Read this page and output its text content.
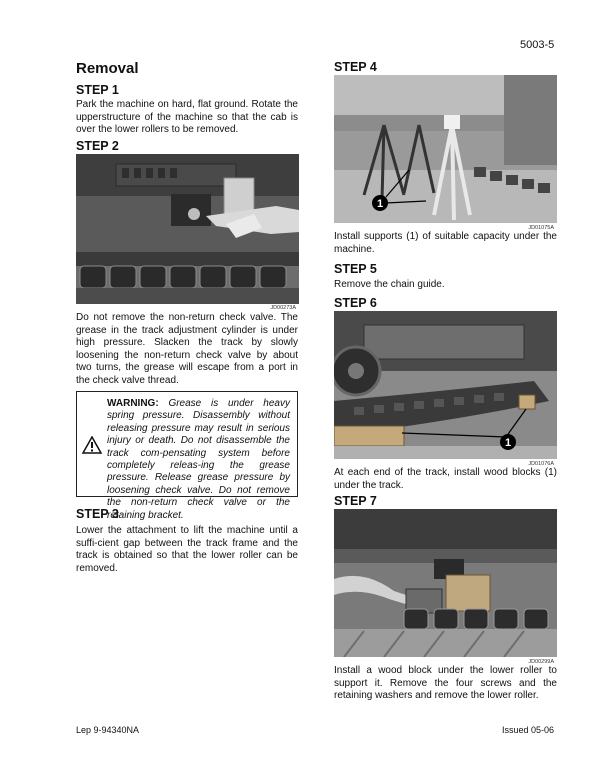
5003-5
Removal
STEP 1
Park the machine on hard, flat ground. Rotate the upperstructure of the machine so that the cab is over the lower rollers to be removed.
STEP 2
JD00273A
Do not remove the non-return check valve. The grease in the track adjustment cylinder is under high pressure. Slacken the track by slowly loosening the non-return check valve by about two turns, the grease will escape from a port in the check valve thread.
WARNING: Grease is under heavy spring pressure. Disassembly without releasing pressure may result in serious injury or death. Do not disassemble the track com-pensating system before completely releas-ing the grease pressure. Release grease pressure by loosening check valve. Do not remove the non-return check valve or the retaining bracket.
STEP 3
Lower the attachment to lift the machine until a suffi-cient gap between the track frame and the track is obtained so that the lower roller can be removed.
STEP 4
1
JD01075A
Install supports (1) of suitable capacity under the machine.
STEP 5
Remove the chain guide.
STEP 6
1
JD01076A
At each end of the track, install wood blocks (1) under the track.
STEP 7
JD00299A
Install a wood block under the lower roller to support it. Remove the four screws and the retaining washers and remove the lower roller.
Lep 9-94340NA	Issued 05-06
